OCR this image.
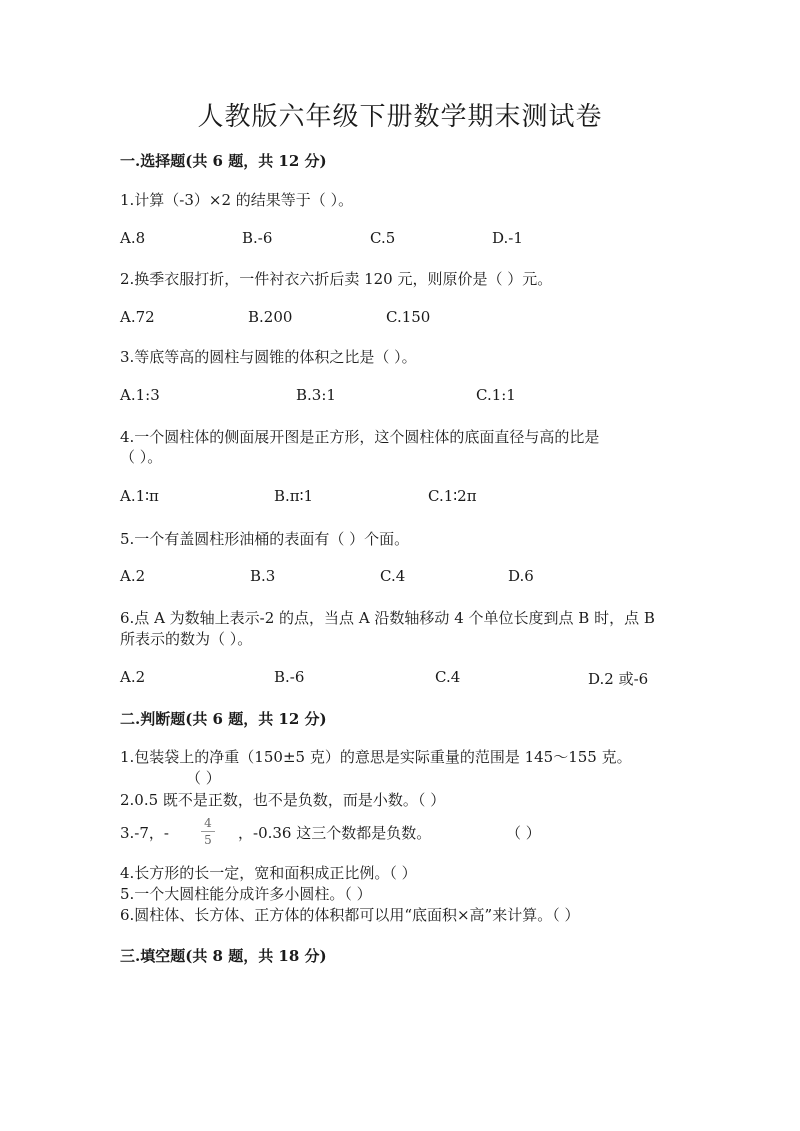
人教版六年级下册数学期末测试卷
一.选择题(共 6 题，共 12 分)
1.计算（-3）×2 的结果等于（ ）。
A.8	B.-6	C.5	D.-1
2.换季衣服打折，一件衬衣六折后卖 120 元，则原价是（ ）元。
A.72	B.200	C.150
3.等底等高的圆柱与圆锥的体积之比是（ ）。
A.1:3	B.3:1	C.1:1
4.一个圆柱体的侧面展开图是正方形，这个圆柱体的底面直径与高的比是
（ ）。
A.1∶π	B.π∶1	C.1∶2π
5.一个有盖圆柱形油桶的表面有（ ）个面。
A.2	B.3	C.4	D.6
6.点 A 为数轴上表示-2 的点，当点 A 沿数轴移动 4 个单位长度到点 B 时，点 B
所表示的数为（ ）。
A.2	B.-6	C.4	D.2 或-6
二.判断题(共 6 题，共 12 分)
1.包装袋上的净重（150±5 克）的意思是实际重量的范围是 145～155 克。
（ ）
2.0.5 既不是正数，也不是负数，而是小数。（ ）
3.-7，-
4
5 ，-0.36 这三个数都是负数。	（ ）
4.长方形的长一定，宽和面积成正比例。（ ）
5.一个大圆柱能分成许多小圆柱。（ ）
6.圆柱体、长方体、正方体的体积都可以用“底面积×高”来计算。（ ）
三.填空题(共 8 题，共 18 分)
